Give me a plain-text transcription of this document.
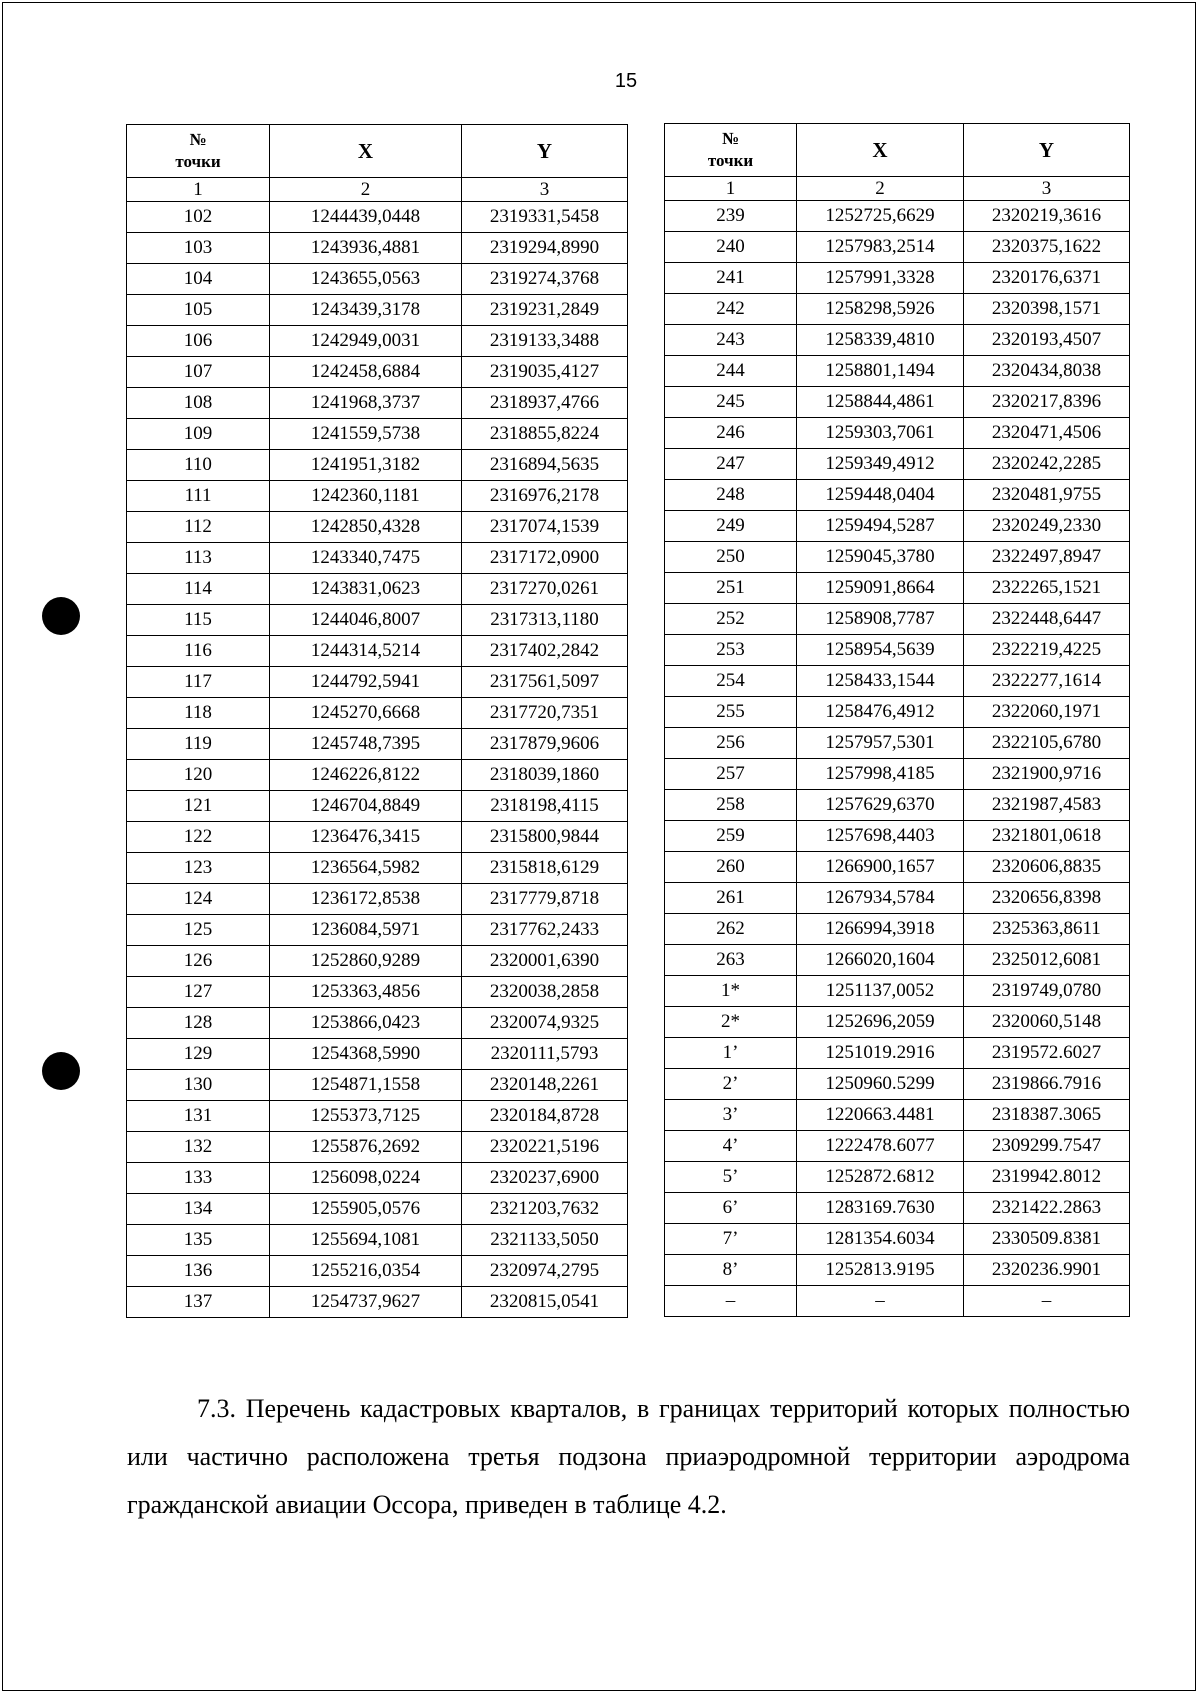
15
№
точки	X	Y
1	2	3
102	1244439,0448	2319331,5458
103	1243936,4881	2319294,8990
104	1243655,0563	2319274,3768
105	1243439,3178	2319231,2849
106	1242949,0031	2319133,3488
107	1242458,6884	2319035,4127
108	1241968,3737	2318937,4766
109	1241559,5738	2318855,8224
110	1241951,3182	2316894,5635
111	1242360,1181	2316976,2178
112	1242850,4328	2317074,1539
113	1243340,7475	2317172,0900
114	1243831,0623	2317270,0261
115	1244046,8007	2317313,1180
116	1244314,5214	2317402,2842
117	1244792,5941	2317561,5097
118	1245270,6668	2317720,7351
119	1245748,7395	2317879,9606
120	1246226,8122	2318039,1860
121	1246704,8849	2318198,4115
122	1236476,3415	2315800,9844
123	1236564,5982	2315818,6129
124	1236172,8538	2317779,8718
125	1236084,5971	2317762,2433
126	1252860,9289	2320001,6390
127	1253363,4856	2320038,2858
128	1253866,0423	2320074,9325
129	1254368,5990	2320111,5793
130	1254871,1558	2320148,2261
131	1255373,7125	2320184,8728
132	1255876,2692	2320221,5196
133	1256098,0224	2320237,6900
134	1255905,0576	2321203,7632
135	1255694,1081	2321133,5050
136	1255216,0354	2320974,2795
137	1254737,9627	2320815,0541
№
точки	X	Y
1	2	3
239	1252725,6629	2320219,3616
240	1257983,2514	2320375,1622
241	1257991,3328	2320176,6371
242	1258298,5926	2320398,1571
243	1258339,4810	2320193,4507
244	1258801,1494	2320434,8038
245	1258844,4861	2320217,8396
246	1259303,7061	2320471,4506
247	1259349,4912	2320242,2285
248	1259448,0404	2320481,9755
249	1259494,5287	2320249,2330
250	1259045,3780	2322497,8947
251	1259091,8664	2322265,1521
252	1258908,7787	2322448,6447
253	1258954,5639	2322219,4225
254	1258433,1544	2322277,1614
255	1258476,4912	2322060,1971
256	1257957,5301	2322105,6780
257	1257998,4185	2321900,9716
258	1257629,6370	2321987,4583
259	1257698,4403	2321801,0618
260	1266900,1657	2320606,8835
261	1267934,5784	2320656,8398
262	1266994,3918	2325363,8611
263	1266020,1604	2325012,6081
1*	1251137,0052	2319749,0780
2*	1252696,2059	2320060,5148
1’	1251019.2916	2319572.6027
2’	1250960.5299	2319866.7916
3’	1220663.4481	2318387.3065
4’	1222478.6077	2309299.7547
5’	1252872.6812	2319942.8012
6’	1283169.7630	2321422.2863
7’	1281354.6034	2330509.8381
8’	1252813.9195	2320236.9901
–	–	–
7.3. Перечень кадастровых кварталов, в границах территорий которых полностью или частично расположена третья подзона приаэродромной территории аэродрома гражданской авиации Оссора, приведен в таблице 4.2.
